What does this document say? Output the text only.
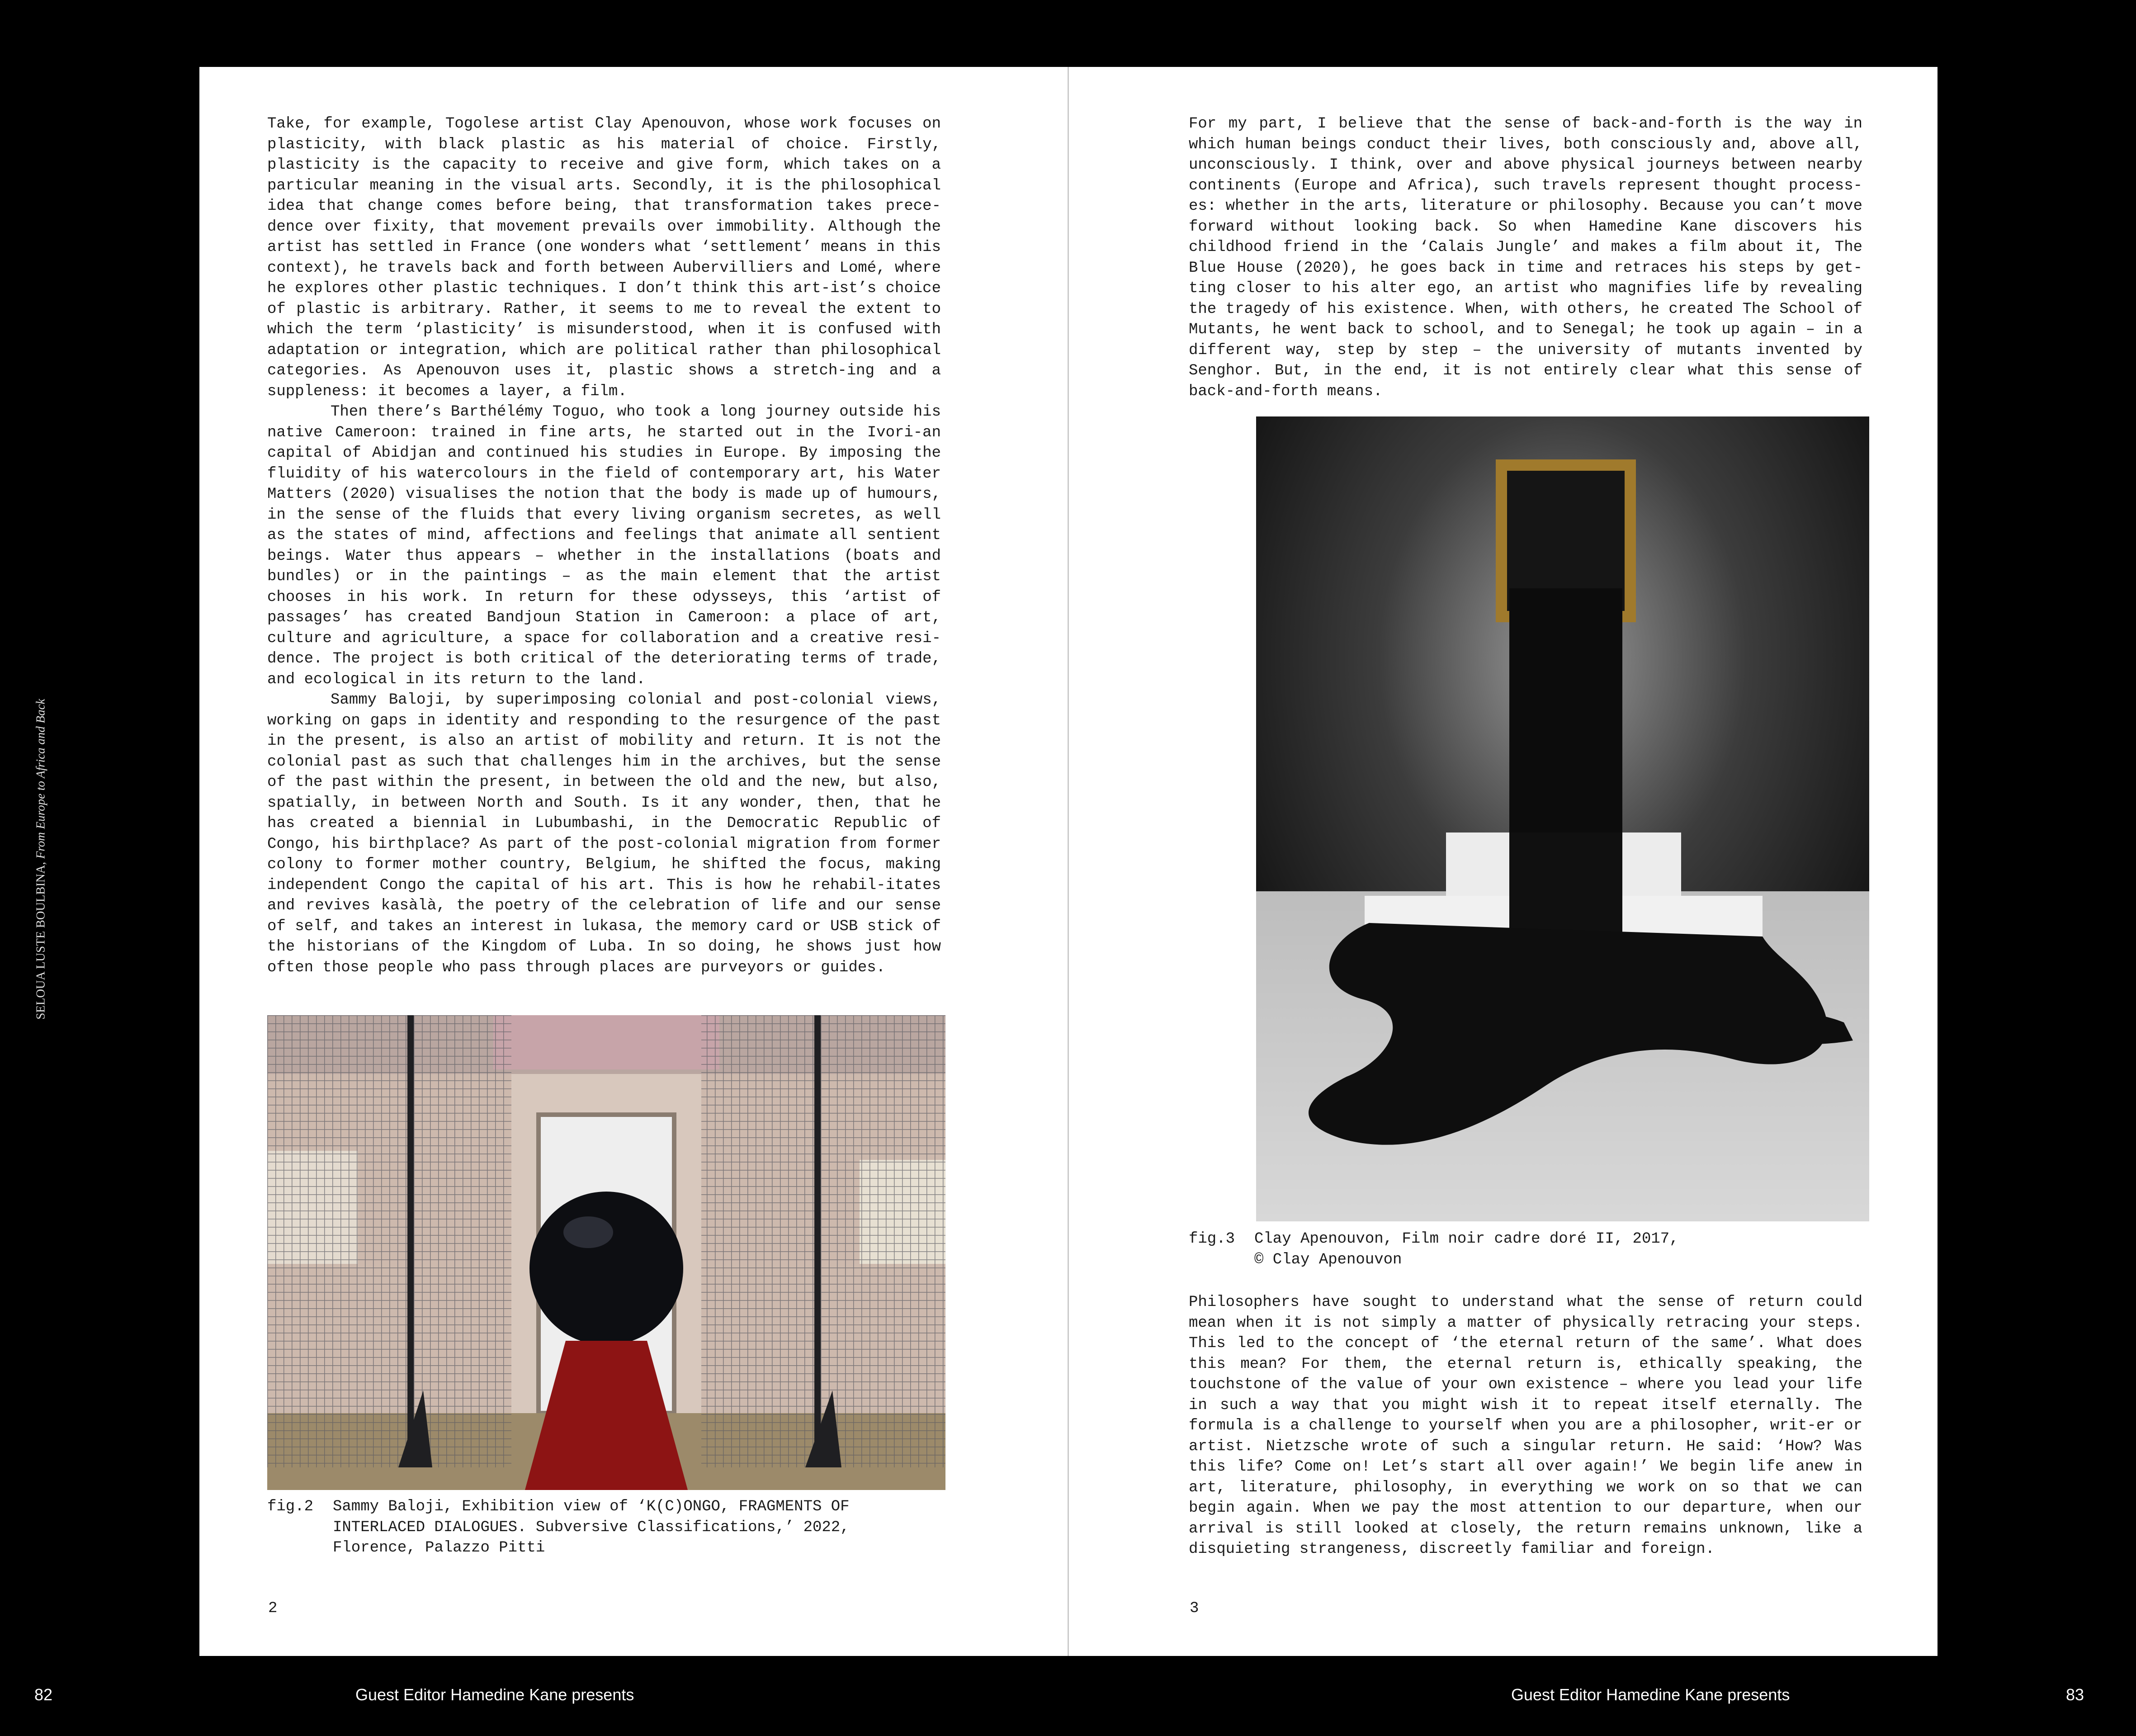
Take, for example, Togolese artist Clay Apenouvon, whose work focuses on plasticity, with black plastic as his material of choice. Firstly, plasticity is the capacity to receive and give form, which takes on a particular meaning in the visual arts. Secondly, it is the philosophical idea that change comes before being, that transformation takes prece-dence over fixity, that movement prevails over immobility. Although the artist has settled in France (one wonders what ‘settlement’ means in this context), he travels back and forth between Aubervilliers and Lomé, where he explores other plastic techniques. I don’t think this art-ist’s choice of plastic is arbitrary. Rather, it seems to me to reveal the extent to which the term ‘plasticity’ is misunderstood, when it is confused with adaptation or integration, which are political rather than philosophical categories. As Apenouvon uses it, plastic shows a stretch-ing and a suppleness: it becomes a layer, a film.

Then there’s Barthélémy Toguo, who took a long journey outside his native Cameroon: trained in fine arts, he started out in the Ivori-an capital of Abidjan and continued his studies in Europe. By imposing the fluidity of his watercolours in the field of contemporary art, his Water Matters (2020) visualises the notion that the body is made up of humours, in the sense of the fluids that every living organism secretes, as well as the states of mind, affections and feelings that animate all sentient beings. Water thus appears – whether in the installations (boats and bundles) or in the paintings – as the main element that the artist chooses in his work. In return for these odysseys, this ‘artist of passages’ has created Bandjoun Station in Cameroon: a place of art, culture and agriculture, a space for collaboration and a creative resi-dence. The project is both critical of the deteriorating terms of trade, and ecological in its return to the land.

Sammy Baloji, by superimposing colonial and post-colonial views, working on gaps in identity and responding to the resurgence of the past in the present, is also an artist of mobility and return. It is not the colonial past as such that challenges him in the archives, but the sense of the past within the present, in between the old and the new, but also, spatially, in between North and South. Is it any wonder, then, that he has created a biennial in Lubumbashi, in the Democratic Republic of Congo, his birthplace? As part of the post-colonial migration from former colony to former mother country, Belgium, he shifted the focus, making independent Congo the capital of his art. This is how he rehabil-itates and revives kasàlà, the poetry of the celebration of life and our sense of self, and takes an interest in lukasa, the memory card or USB stick of the historians of the Kingdom of Luba. In so doing, he shows just how often those people who pass through places are purveyors or guides.

fig.2 Sammy Baloji, Exhibition view of ‘K(C)ONGO, FRAGMENTS OF
INTERLACED DIALOGUES. Subversive Classifications,’ 2022,
Florence, Palazzo Pitti
2

For my part, I believe that the sense of back-and-forth is the way in which human beings conduct their lives, both consciously and, above all, unconsciously. I think, over and above physical journeys between nearby continents (Europe and Africa), such travels represent thought process-es: whether in the arts, literature or philosophy. Because you can’t move forward without looking back. So when Hamedine Kane discovers his childhood friend in the ‘Calais Jungle’ and makes a film about it, The Blue House (2020), he goes back in time and retraces his steps by get-ting closer to his alter ego, an artist who magnifies life by revealing the tragedy of his existence. When, with others, he created The School of Mutants, he went back to school, and to Senegal; he took up again – in a different way, step by step – the university of mutants invented by Senghor. But, in the end, it is not entirely clear what this sense of back-and-forth means.

fig.3 Clay Apenouvon, Film noir cadre doré II, 2017,
© Clay Apenouvon

Philosophers have sought to understand what the sense of return could mean when it is not simply a matter of physically retracing your steps. This led to the concept of ‘the eternal return of the same’. What does this mean? For them, the eternal return is, ethically speaking, the touchstone of the value of your own existence – where you lead your life in such a way that you might wish it to repeat itself eternally. The formula is a challenge to yourself when you are a philosopher, writ-er or artist. Nietzsche wrote of such a singular return. He said: ‘How? Was this life? Come on! Let’s start all over again!’ We begin life anew in art, literature, philosophy, in everything we work on so that we can begin again. When we pay the most attention to our departure, when our arrival is still looked at closely, the return remains unknown, like a disquieting strangeness, discreetly familiar and foreign.

3
SELOUA LUSTE BOULBINA, From Europe to Africa and Back
82	Guest Editor Hamedine Kane presents	Guest Editor Hamedine Kane presents	83
